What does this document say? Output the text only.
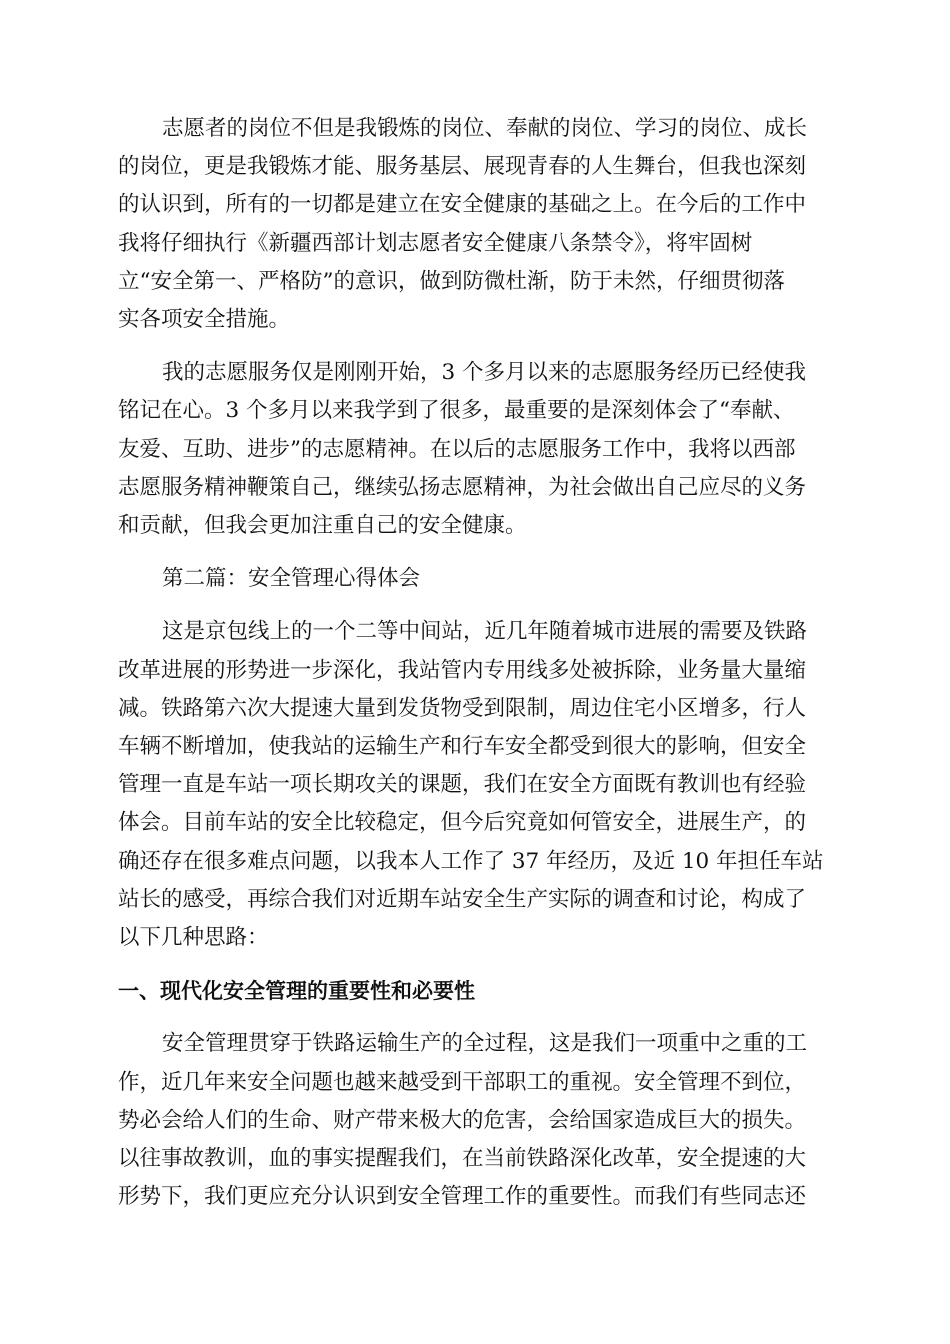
志愿者的岗位不但是我锻炼的岗位、奉献的岗位、学习的岗位、成长
的岗位，更是我锻炼才能、服务基层、展现青春的人生舞台，但我也深刻
的认识到，所有的一切都是建立在安全健康的基础之上。在今后的工作中
我将仔细执行《新疆西部计划志愿者安全健康八条禁令》，将牢固树
立“安全第一、严格防”的意识，做到防微杜渐，防于未然，仔细贯彻落
实各项安全措施。

我的志愿服务仅是刚刚开始，3 个多月以来的志愿服务经历已经使我
铭记在心。3 个多月以来我学到了很多，最重要的是深刻体会了“奉献、
友爱、互助、进步”的志愿精神。在以后的志愿服务工作中，我将以西部
志愿服务精神鞭策自己，继续弘扬志愿精神，为社会做出自己应尽的义务
和贡献，但我会更加注重自己的安全健康。

第二篇：安全管理心得体会

这是京包线上的一个二等中间站，近几年随着城市进展的需要及铁路
改革进展的形势进一步深化，我站管内专用线多处被拆除，业务量大量缩
减。铁路第六次大提速大量到发货物受到限制，周边住宅小区增多，行人
车辆不断增加，使我站的运输生产和行车安全都受到很大的影响，但安全
管理一直是车站一项长期攻关的课题，我们在安全方面既有教训也有经验
体会。目前车站的安全比较稳定，但今后究竟如何管安全，进展生产，的
确还存在很多难点问题，以我本人工作了 37 年经历，及近 10 年担任车站
站长的感受，再综合我们对近期车站安全生产实际的调查和讨论，构成了
以下几种思路：

一、现代化安全管理的重要性和必要性

安全管理贯穿于铁路运输生产的全过程，这是我们一项重中之重的工
作，近几年来安全问题也越来越受到干部职工的重视。安全管理不到位，
势必会给人们的生命、财产带来极大的危害，会给国家造成巨大的损失。
以往事故教训，血的事实提醒我们，在当前铁路深化改革，安全提速的大
形势下，我们更应充分认识到安全管理工作的重要性。而我们有些同志还
